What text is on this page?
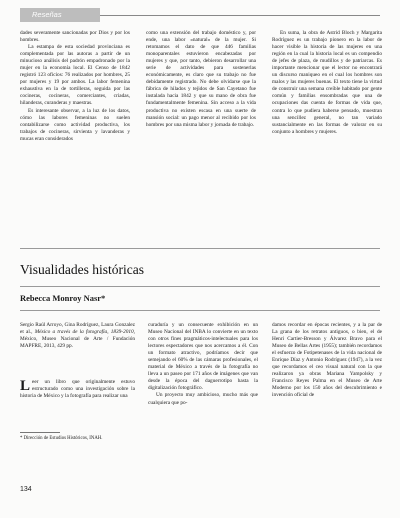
Reseñas

dades severamente sancionadas por Dios y por los hombres.

La estampa de esta sociedad provinciana es complementada por las autoras a partir de un minucioso análisis del padrón empadronado por la mujer en la economía local. El Censo de 1842 registró 123 oficios: 76 realizados por hombres, 25 por mujeres y 19 por ambos. La labor femenina exhaustiva en la de tortilleras, seguida por las cocineras, cocineras, comerciantes, criadas, hilanderas, curanderas y maestras.

Es interesante observar, a la luz de los datos, cómo las labores femeninas no suelen contabilizarse como actividad productiva, los trabajos de cocineras, sirvienta y lavanderas y mucas eran considerados

como una extensión del trabajo doméstico y, por ende, una labor «natural» de la mujer. Si retomamos el dato de que 446 familias monoparentales estuvieron encabezadas por mujeres y que, por tanto, debieron desarrollar una serie de actividades para sostenerlas económicamente, es claro que su trabajo no fue debidamente registrado. No debe olvidarse que la fábrica de hilados y tejidos de San Cayetano fue instalada hacia 1842 y que su mano de obra fue fundamentalmente femenina. Sin acceso a la vida productiva no existen escasa en una suerte de mansión social: un pago menor al recibido por los hombres por una misma labor y jornada de trabajo.

En suma, la obra de Astrid Bloch y Margarita Rodríguez es un trabajo pionero en la labor de hacer visible la historia de las mujeres en una región en la cual la historia local es un compendio de jefes de plaza, de mudillos y de patriarcas. Es importante mencionar que el lector no encontrará un discurso maniqueo en el cual los hombres son malos y las mujeres buenas. El texto tiene la virtud de construir una semana creíble habitado por gente común y familias ensombradas que una de ocupaciones das cuenta de formas de vida que, contra lo que pudiera haberse pensado, muestran una sencillez general, no tan variado sustancialmente en las formas de valorar en su conjunto a hombres y mujeres.

Visualidades históricas
Rebecca Monroy Nasr*
Sergio Raúl Arroyo, Gina Rodríguez, Laura Gonzalez et al., México a través de la fotografía, 1839-2010, México, Museo Nacional de Arte / Fundación MAPFRE, 2013, 429 pp.

Leer un libro que originalmente estuvo estructurado como una investigación sobre la historia de México y la fotografía para realizar una

* Dirección de Estudios Históricos, INAH.

curaduría y un consecuente exhibición en un Museo Nacional del INBA lo convierte en un texto con otros fines pragmáticos-intelectuales para los lectores espectadores que nos acercamos a él. Con un formato atractivo, podríamos decir que semejando el 60% de las cámaras profesionales, el material de México a través de la fotografía no lleva a un paseo por 171 años de imágenes que van desde la época del daguerrotipo hasta la digitalización fotográfico.

Un proyecto muy ambicioso, mucho más que cualquiera que po-

damos recordar en épocas recientes, y a la par de La grana de los retratos antiguos, o bien, el de Henri Cartier-Bresson y Álvarez Bravo para el Museo de Bellas Artes (1955); también recordamos el esfuerzo de Fotipetenases de la vida nacional de Enrique Díaz y Antonio Rodríguez (1947), a la vez que recordamos el ceo visual natural con la que realizaron ya obras Mariana Yampolsky y Francisco Reyes Palma en el Museo de Arte Moderno por los 150 años del descubrimiento e invención oficial de

134
